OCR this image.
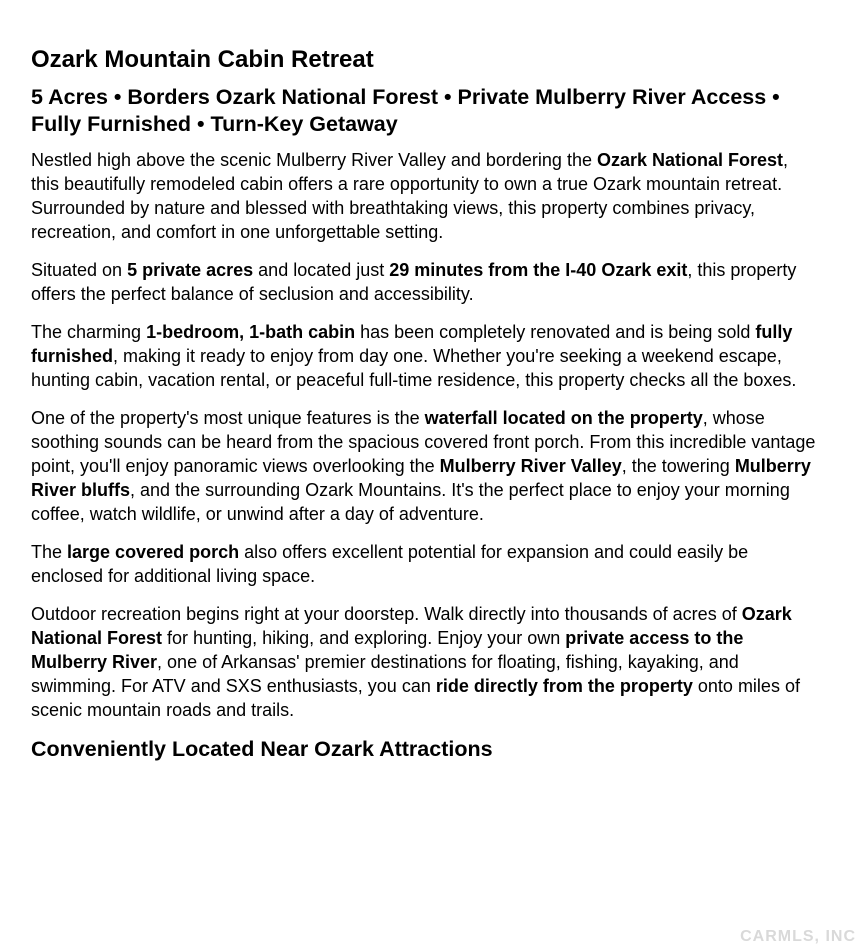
Ozark Mountain Cabin Retreat
5 Acres • Borders Ozark National Forest • Private Mulberry River Access • Fully Furnished • Turn-Key Getaway

Nestled high above the scenic Mulberry River Valley and bordering the Ozark National Forest, this beautifully remodeled cabin offers a rare opportunity to own a true Ozark mountain retreat. Surrounded by nature and blessed with breathtaking views, this property combines privacy, recreation, and comfort in one unforgettable setting.

Situated on 5 private acres and located just 29 minutes from the I-40 Ozark exit, this property offers the perfect balance of seclusion and accessibility.

The charming 1-bedroom, 1-bath cabin has been completely renovated and is being sold fully furnished, making it ready to enjoy from day one. Whether you're seeking a weekend escape, hunting cabin, vacation rental, or peaceful full-time residence, this property checks all the boxes.

One of the property's most unique features is the waterfall located on the property, whose soothing sounds can be heard from the spacious covered front porch. From this incredible vantage point, you'll enjoy panoramic views overlooking the Mulberry River Valley, the towering Mulberry River bluffs, and the surrounding Ozark Mountains. It's the perfect place to enjoy your morning coffee, watch wildlife, or unwind after a day of adventure.

The large covered porch also offers excellent potential for expansion and could easily be enclosed for additional living space.

Outdoor recreation begins right at your doorstep. Walk directly into thousands of acres of Ozark National Forest for hunting, hiking, and exploring. Enjoy your own private access to the Mulberry River, one of Arkansas' premier destinations for floating, fishing, kayaking, and swimming. For ATV and SXS enthusiasts, you can ride directly from the property onto miles of scenic mountain roads and trails.

Conveniently Located Near Ozark Attractions
CARMLS, INC
